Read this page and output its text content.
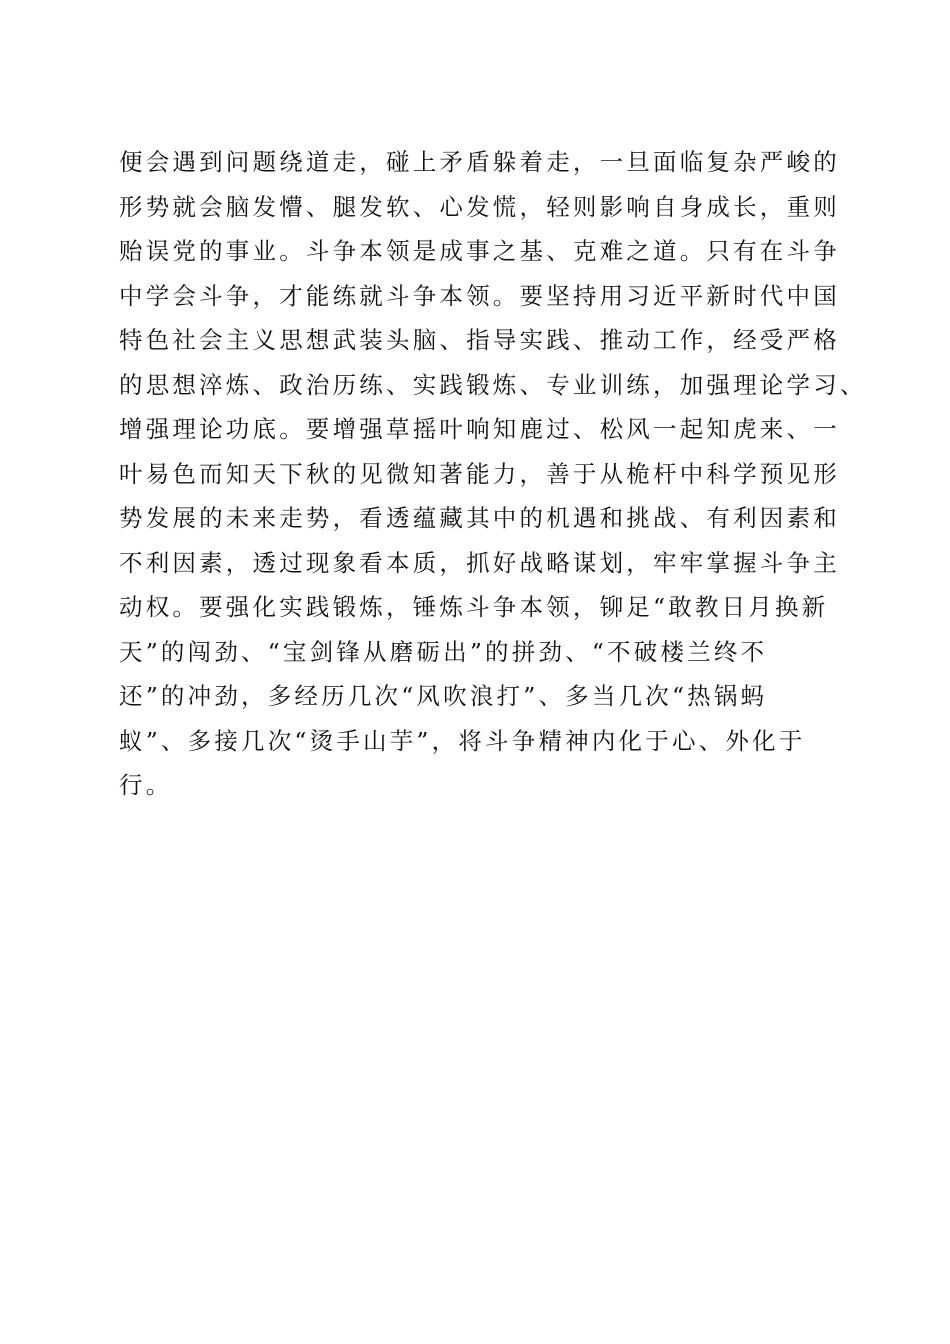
便会遇到问题绕道走，碰上矛盾躲着走，一旦面临复杂严峻的
形势就会脑发懵、腿发软、心发慌，轻则影响自身成长，重则
贻误党的事业。斗争本领是成事之基、克难之道。只有在斗争
中学会斗争，才能练就斗争本领。要坚持用习近平新时代中国
特色社会主义思想武装头脑、指导实践、推动工作，经受严格
的思想淬炼、政治历练、实践锻炼、专业训练，加强理论学习、
增强理论功底。要增强草摇叶响知鹿过、松风一起知虎来、一
叶易色而知天下秋的见微知著能力，善于从桅杆中科学预见形
势发展的未来走势，看透蕴藏其中的机遇和挑战、有利因素和
不利因素，透过现象看本质，抓好战略谋划，牢牢掌握斗争主
动权。要强化实践锻炼，锤炼斗争本领，铆足“敢教日月换新
天”的闯劲、“宝剑锋从磨砺出”的拼劲、“不破楼兰终不
还”的冲劲，多经历几次“风吹浪打”、多当几次“热锅蚂
蚁”、多接几次“烫手山芋”，将斗争精神内化于心、外化于
行。
